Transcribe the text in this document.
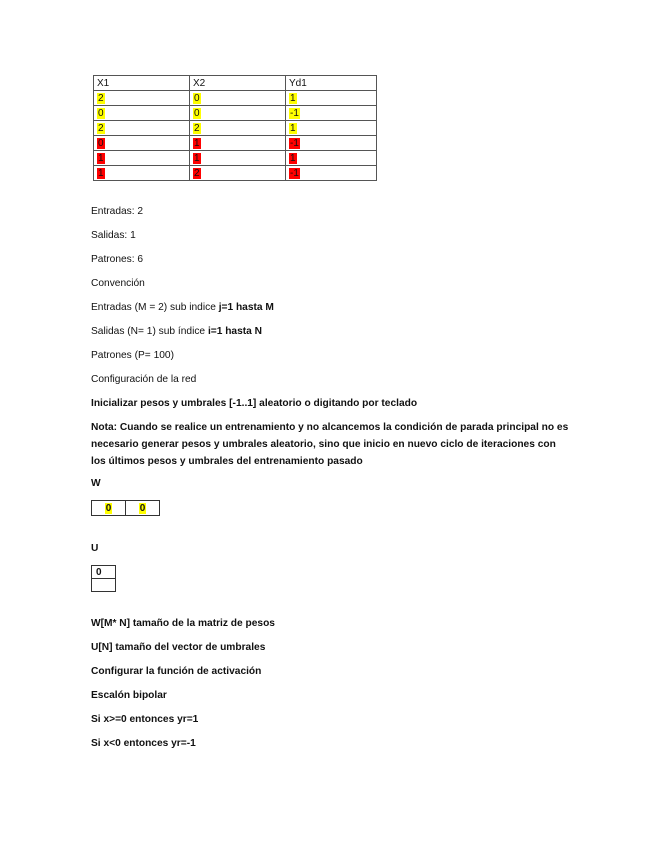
X1	X2	Yd1
2	0	1
0	0	-1
2	2	1
0	1	-1
1	1	1
1	2	-1
Entradas: 2
Salidas: 1
Patrones: 6
Convención
Entradas (M = 2) sub indice j=1 hasta M
Salidas (N= 1) sub índice i=1 hasta N
Patrones (P= 100)
Configuración de la red
Inicializar pesos y umbrales [-1..1] aleatorio o digitando por teclado
Nota: Cuando se realice un entrenamiento y no alcancemos la condición de parada principal no es necesario generar pesos y umbrales aleatorio, sino que inicio en nuevo ciclo de iteraciones con los últimos pesos y umbrales del entrenamiento pasado
W
0	0
U
0
W[M* N] tamaño de la matriz de pesos
U[N] tamaño del vector de umbrales
Configurar la función de activación
Escalón bipolar
Si x>=0 entonces yr=1
Si x<0 entonces yr=-1
